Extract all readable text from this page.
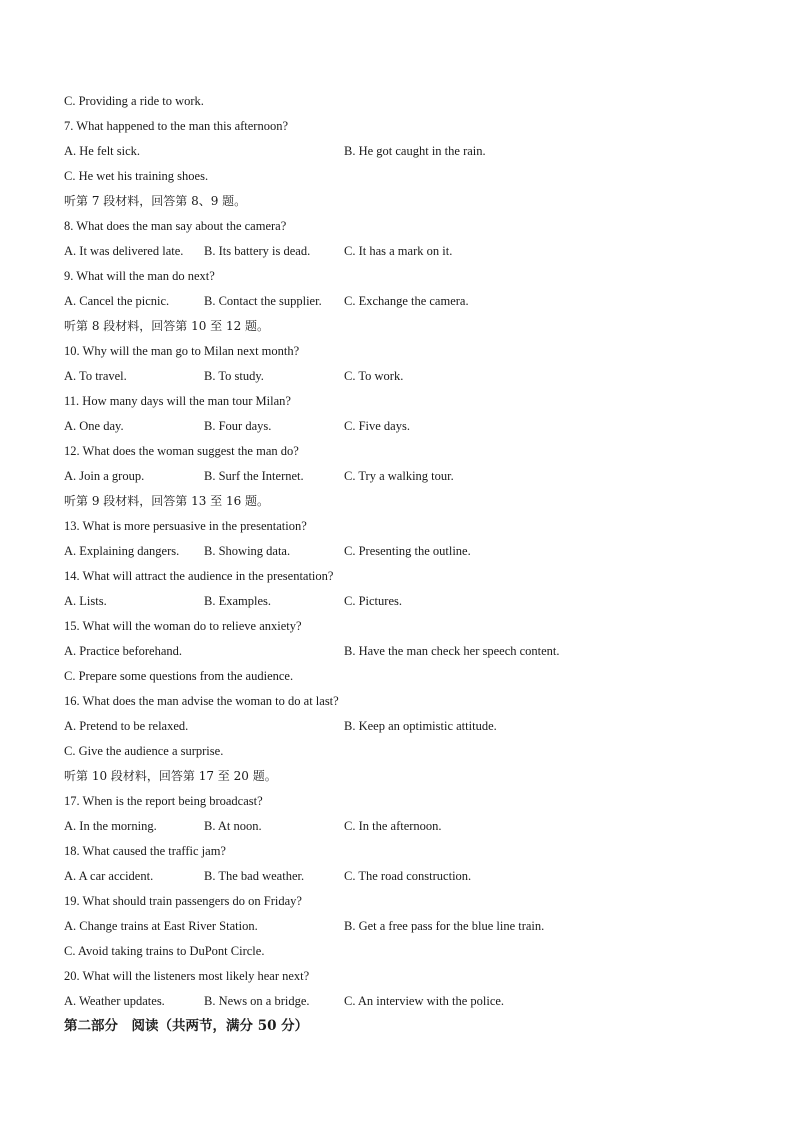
C. Providing a ride to work.
7. What happened to the man this afternoon?
A. He felt sick.	B. He got caught in the rain.
C. He wet his training shoes.
听第 7 段材料，回答第 8、9 题。
8. What does the man say about the camera?
A. It was delivered late. B. Its battery is dead.	C. It has a mark on it.
9. What will the man do next?
A. Cancel the picnic.	B. Contact the supplier. C. Exchange the camera.
听第 8 段材料，回答第 10 至 12 题。
10. Why will the man go to Milan next month?
A. To travel.	B. To study.	C. To work.
11. How many days will the man tour Milan?
A. One day.	B. Four days.	C. Five days.
12. What does the woman suggest the man do?
A. Join a group.	B. Surf the Internet.	C. Try a walking tour.
听第 9 段材料，回答第 13 至 16 题。
13. What is more persuasive in the presentation?
A. Explaining dangers. B. Showing data.	C. Presenting the outline.
14. What will attract the audience in the presentation?
A. Lists.	B. Examples.	C. Pictures.
15. What will the woman do to relieve anxiety?
A. Practice beforehand.	B. Have the man check her speech content.
C. Prepare some questions from the audience.
16. What does the man advise the woman to do at last?
A. Pretend to be relaxed.	B. Keep an optimistic attitude.
C. Give the audience a surprise.
听第 10 段材料，回答第 17 至 20 题。
17. When is the report being broadcast?
A. In the morning.	B. At noon.	C. In the afternoon.
18. What caused the traffic jam?
A. A car accident.	B. The bad weather.	C. The road construction.
19. What should train passengers do on Friday?
A. Change trains at East River Station.	B. Get a free pass for the blue line train.
C. Avoid taking trains to DuPont Circle.
20. What will the listeners most likely hear next?
A. Weather updates.	B. News on a bridge.	C. An interview with the police.
第二部分　阅读（共两节，满分 50 分）
